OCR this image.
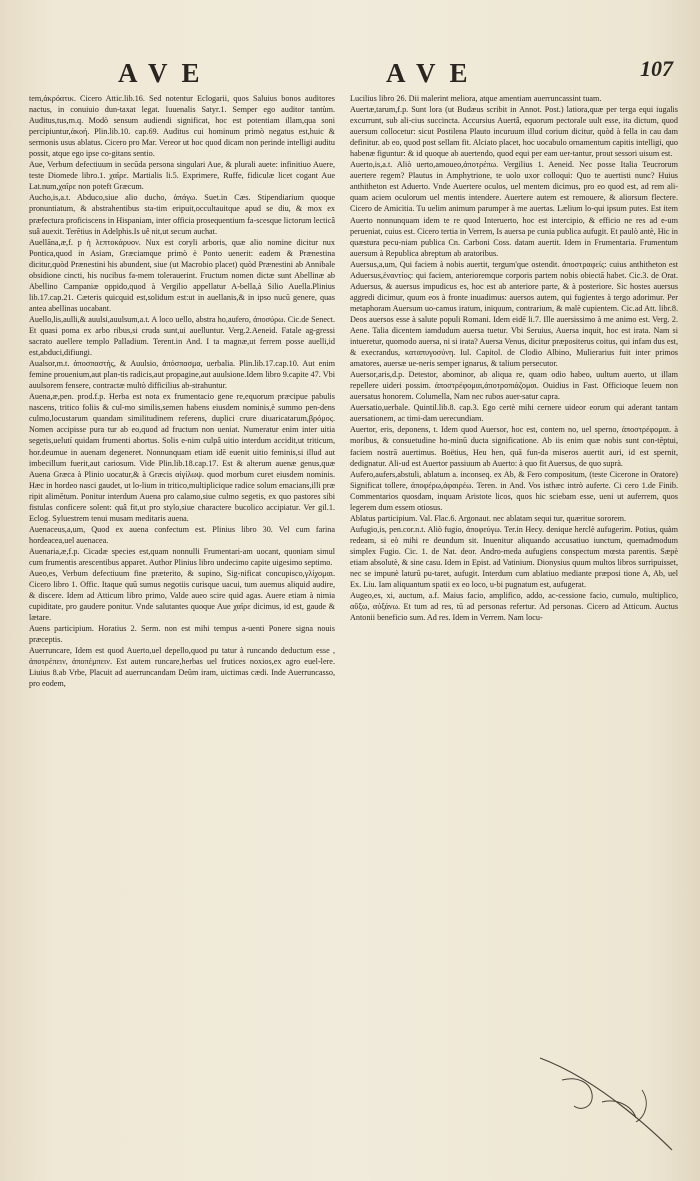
AVE	AVE	107

tem,ἀκρόατικ. Cicero Attic.lib.16. Sed notentur Eclogarii, quos Saluius bonos auditores nactus, in conuiuio dun-taxat legat. Iuuenalis Satyr.1. Semper ego auditor tantùm. Auditus,tus,m.q. Modò sensum audiendi significat, hoc est potentiam illam,qua soni percipiuntur,ἀκοή. Plin.lib.10. cap.69. Auditus cui hominum primò negatus est,huic & sermonis usus ablatus. Cicero pro Mar. Vereor ut hoc quod dicam non perinde intelligi auditu possit, atque ego ipse co-gitans sentio.

Aue, Verbum defectiuum in secūda persona singulari Aue, & plurali auete: infinitiuo Auere, teste Diomede libro.1. χαῖρε. Martialis li.5. Exprimere, Ruffe, fidiculæ licet cogant Aue Lat.num,χαῖρε non poteft Græcum.

Aucho,is,a.t. Abduco,siue alio ducho, ἀπάγω. Suet.in Cæs. Stipendiarium quoque pronuntiatum, & abstrahentibus sta-tim eripuit,occultauitque apud se diu, & mox ex præfectura proficiscens in Hispaniam, inter officia prosequentium fa-scesque lictorum lecticâ suâ auexit. Terētius in Adelphis.Is uê nit,ut secum auchat.

Auellāna,æ,f. p ἡ λεπτοκάρυον. Nux est coryli arboris, quæ alio nomine dicitur nux Pontica,quod in Asiam, Græciamque primò è Ponto uenerit: eadem & Prænestina dicitur,quòd Prænestini his abundent, siue (ut Macrobio placet) quòd Prænestini ab Annibale obsidione cincti, his nucibus fa-mem tolerauerint. Fructum nomen dictæ sunt Abellinæ ab Abellino Campaniæ oppido,quod à Vergilio appellatur A-bella,à Silio Auella.Plinius lib.17.cap.21. Cæteris quicquid est,solidum est:ut in auellanis,& in ipso nucū genere, quas antea abellinas uocabant.

Auello,lis,aulli,& auulsi,auulsum,a.t. A loco uello, abstra ho,aufero, ἀποσύρω. Cic.de Senect. Et quasi poma ex arbo ribus,si cruda sunt,ui auelluntur. Verg.2.Aeneid. Fatale ag-gressi sacrato auellere templo Palladium. Terent.in And. I ta magnæ,ut ferrem posse auelli,id est,abduci,difiungi.

Aualsor,m.t. ἀποσπαστής, & Auulsio, ἀπόσπασμα, uerbalia. Plin.lib.17.cap.10. Aut enim femine prouenium,aut plan-tis radicis,aut propagine,aut auulsione.Idem libro 9.capite 47. Vbi auulsorem fensere, contractæ multò difficilius ab-strahuntur.

Auena,æ,pen. prod.f.p. Herba est nota ex frumentacio gene re,equorum præcipue pabulis nascens, tritico foliis & cul-mo similis,semen habens eiusdem nominis,è summo pen-dens culmo,locustarum quandam similitudinem referens, duplici crure diuaricatarum,βρόμος. Nomen accipisse pura tur ab eo,quod ad fructum non ueniat. Numeratur enim inter uitia segetis,uelutí quidam frumenti abortus. Solis e-nim culpâ uitio interdum accidit,ut triticum, hor.deumue in auenam degeneret. Nonnunquam etiam idē euenit uitio feminis,si illud aut imbecillum fuerit,aut cariosum. Vide Plin.lib.18.cap.17. Est & alterum auenæ genus,quæ Auena Græca à Plinio uocatur,& à Græcis αἰγίλωψ. quod morbum curet eiusdem nominis. Hæc in hordeo nasci gaudet, ut lo-lium in tritico,multiplicique radice solum emacians,illi præ ripit alimētum. Ponitur interdum Auena pro calamo,siue culmo segetis, ex quo pastores sibi fistulas conficere solent: quâ fit,ut pro stylo,siue charactere bucolico accipiatur. Ver gil.1. Eclog. Syluestrem tenui musam meditaris auena.

Auenaceus,a,um, Quod ex auena confectum est. Plinius libro 30. Vel cum farina hordeacea,uel auenacea.

Auenaria,æ,f.p. Cicadæ species est,quam nonnulli Frumentari-am uocant, quoniam simul cum frumentis arescentibus apparet. Author Plinius libro undecimo capite uigesimo septimo.

Aueo,es, Verbum defectiuum fine præterito, & supino, Sig-nificat concupisco,γλίχομαι. Cicero libro 1. Offic. Itaque quū sumus negotiis curisque uacui, tum auemus aliquid audire, & discere. Idem ad Atticum libro primo, Valde aueo scire quid agas. Auere etiam à nimia cupiditate, pro gaudere ponitur. Vnde salutantes quoque Aue χαῖρε dicimus, id est, gaude & lætare.

Auens participium. Horatius 2. Serm. non est mihi tempus a-uenti Ponere signa nouis præceptis.

Auerruncare, Idem est quod Auerto,uel depello,quod pu tatur à runcando deductum esse , ἀποτρέπειν, ἀποπέμπειν. Est autem runcare,herbas uel frutices noxios,ex agro euel-lere. Liuius 8.ab Vrbe, Placuit ad auerruncandam Deûm iram, uictimas cædi. Inde Auerruncasso, pro eodem,

Lucilius libro 26. Dii malerint meliora, atque amentiam auerruncassint tuam.

Auertæ,tarum,f.p. Sunt lora (ut Budæus scribit in Annot. Post.) latiora,quæ per terga equi iugalis excurrunt, sub ali-cius succincta. Accursius Auertâ, equorum pectorale uult esse, ita dictum, quod auersum collocetur: sicut Postilena Plauto incuruum illud corium dicitur, quòd à fella in cau dam definitur. ab eo, quod post sellam fit. Alciato placet, hoc uocabulo ornamentum capitis intelligi, quo habenæ figuntur: & id quoque ab auertendo, quod equi per eam uer-tantur, prout sessori uisum est.

Auerto,is,a.t. Aliò uerto,amoueo,ἀποτρέπω. Vergilius 1. Aeneid. Nec posse Italia Teucrorum auertere regem? Plautus in Amphytrione, te uolo uxor colloqui: Quo te auertisti nunc? Huius anthitheton est Aduerto. Vnde Auertere oculos, uel mentem dicimus, pro eo quod est, ad rem ali-quam aciem oculorum uel mentis intendere. Auertere autem est remouere, & aliorsum flectere. Cicero de Amicitia. Tu uelim animum parumper à me auertas. Lælium lo-qui ipsum putes. Est item Auerto nonnunquam idem te re quod Interuerto, hoc est intercipio, & efficio ne res ad e-um perueniat, cuius est. Cicero tertia in Verrem, Is auersa pe cunia publica aufugit. Et paulò antè, Hic in quæstura pecu-niam publica Cn. Carboni Coss. datam auertit. Idem in Frumentaria. Frumentum auersum à Republica abreptum ab aratoribus.

Auersus,a,um, Qui faciem à nobis auertit, tergum'que ostendit. ἀποστραφείς: cuius anthitheton est Aduersus,ἐναντίος: qui faciem, anterioremque corporis partem nobis obiectā habet. Cic.3. de Orat. Aduersus, & auersus impudicus es, hoc est ab anteriore parte, & à posteriore. Sic hostes auersus aggredi dicimur, quum eos à fronte inuadimus: auersos autem, qui fugientes à tergo adorimur. Per metaphoram Auersum uo-camus iratum, iniquum, contrarium, & malè cupientem. Cic.ad Att. libr.8. Deos auersos esse à salute populi Romani. Idem eidē li.7. Ille auersissimo à me animo est. Verg. 2. Aene. Talia dicentem iamdudum auersa tuetur. Vbi Seruius, Auersa inquit, hoc est irata. Nam si intueretur, quomodo auersa, ni si irata? Auersa Venus, dicitur præpositerus coitus, qui infam dus est, & execrandus, καταπυγοσύνη. Iul. Capitol. de Clodio Albino, Mulierarius fuit inter primos amatores, auersæ ue-neris semper ignarus, & talium persecutor.

Auersor,aris,d.p. Detestor, abominor, ab aliqua re, quam odio habeo, uultum auerto, ut illam repellere uideri possim. ἀποστρέφομαι,ἀποτροπιάζομαι. Ouidius in Fast. Officioque leuem non auersatus honorem. Columella, Nam nec rubos auer-satur capra.

Auersatio,uerbale. Quintil.lib.8. cap.3. Ego certè mihi cernere uideor eorum qui aderant tantam auersationem, ac timi-dam uerecundiam.

Auertor, eris, deponens, t. Idem quod Auersor, hoc est, contem no, uel sperno, ἀποστρέφομαι. à moribus, & consuetudine ho-minū ducta significatione. Ab iis enim quæ nobis sunt con-tēptui, faciem nostrā auertimus. Boëtius, Heu hen, quā fun-da miseros auertit auri, id est spernit, dedignatur. Ali-ud est Auertor passiuum ab Auerto: à quo fit Auersus, de quo suprà.

Aufero,aufers,abstuli, ablatum a. inconseq. ex Ab, & Fero compositum, (teste Cicerone in Oratore) Significat tollere, ἀποφέρω,ἀφαιρέω. Teren. in And. Vos isthæc intrò auferte. Ci cero 1.de Finib. Commentarios quosdam, inquam Aristote licos, quos hic sciebam esse, ueni ut auferrem, quos legerem dum essem otiosus.

Ablatus participium. Val. Flac.6. Argonaut. nec ablatam sequi tur, quæritue sororem.

Aufugio,is, pen.cor.n.t. Aliò fugio, ἀποφεύγω. Ter.in Hecy. denique herclè aufugerim. Potius, quàm redeam, si eò mihi re deundum sit. Inuenitur aliquando accusatiuo iunctum, quemadmodum simplex Fugio. Cic. 1. de Nat. deor. Andro-meda aufugiens conspectum mœsta parentis. Sæpè etiam absolutè, & sine casu. Idem in Epist. ad Vatinium. Dionysius quum multos libros surripuisset, nec se impunè laturū pu-taret, aufugit. Interdum cum ablatiuo mediante præposi tione A, Ab, uel Ex. Liu. Iam aliquantum spatii ex eo loco, u-bi pugnatum est, aufugerat.

Augeo,es, xi, auctum, a.f. Maius facio, amplifico, addo, ac-cessione facio, cumulo, multiplico, αὔξω, αὐξάνω. Et tum ad res, tū ad personas refertur. Ad personas. Cicero ad Atticum. Auctus Antonii beneficio sum. Ad res. Idem in Verrem. Nam locu-
